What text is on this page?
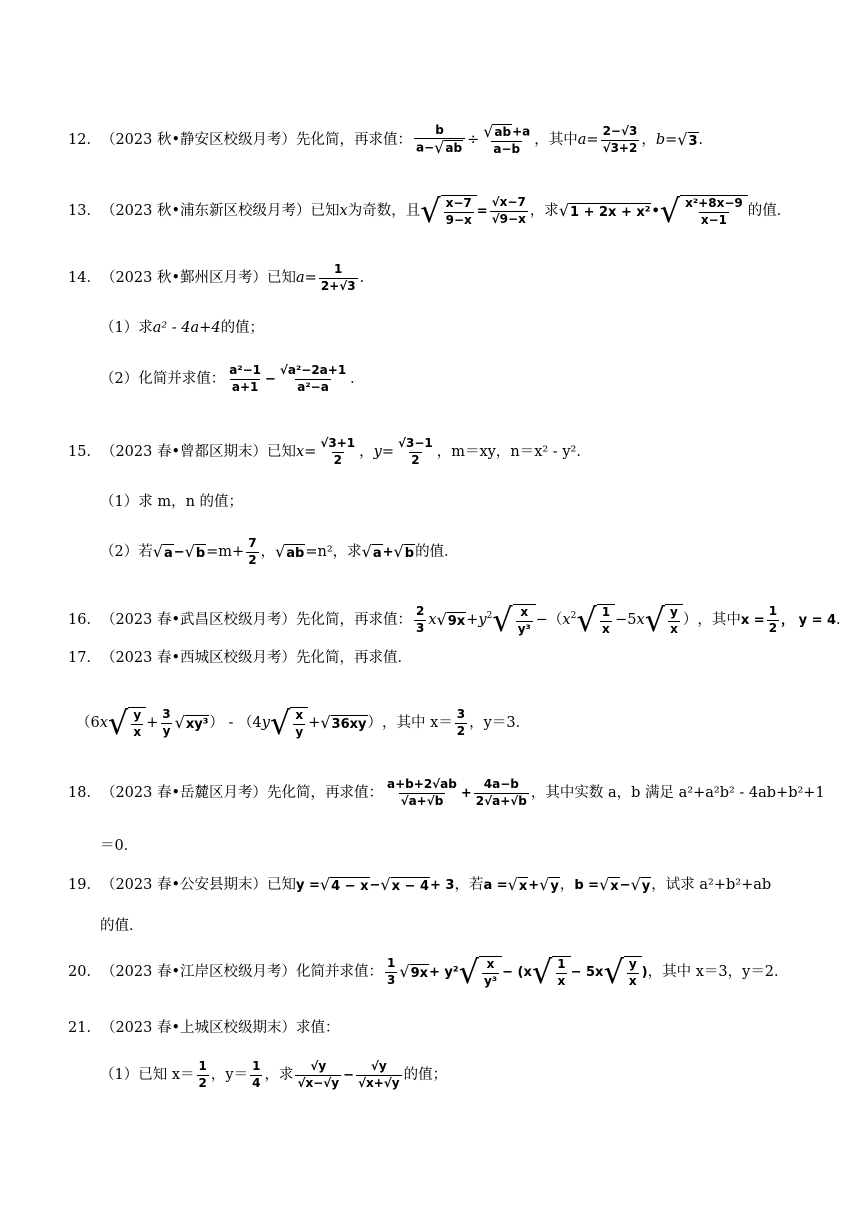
12． （2023 秋•静安区校级月考） 先化简，再求值： $\frac{b}{a- √ ab} \div \frac{√ ab +a}{a-b}$ ，其中 $a = \frac{2-√3}{√3+2}$ ， b = √ 3 ．
13． （2023 秋•浦东新区校级月考） 已知 x 为奇数，且 √ $\frac{x-7}{9-x} = \frac{√x-7}{√9-x}$ ，求 √ 1 + 2x + x² • √ $\frac{\text{x²+8x−9}}{x-1}$ 的值．
14． （2023 秋•鄞州区月考） 已知 $a = \frac{1}{2+√3}$ ．
（1）求 a² - 4a+4 的值；
（2）化简并求值： $\frac{\text{a²−1}}{a+1} - \frac{\text{√a²−2a+1}}{\text{a²−a}}$ ．
15． （2023 春•曾都区期末） 已知 $x = \frac{√3+1}{2}$ ， $y = \frac{√3-1}{2}$ ， m＝xy，n＝x² - y²．
（1）求 m，n 的值；
（2）若 √ a − √ $b =m+ \frac{7}{2}$ ， √ ab =n²，求 √ a + √ b 的值．
16． （2023 春•武昌区校级月考） 先化简，再求值： $\frac{2}{3}$ x √ $9x + y^2$ √ $\frac{x}{\text{y³}}$ −（ $x^2$ √ $\frac{1}{x} -5$ x √ $\frac{y}{x}$ ） ，其中 $x = \frac{1}{2}$ ， y = 4 ．
17． （2023 春•西城区校级月考） 先化简，再求值．
（6 x √ $\frac{y}{x} + \frac{3}{y}$ √ xy³ ） - （4 y √ $\frac{x}{y}$ + √ 36xy ） ，其中 $x= \frac{3}{2}$ ，y＝3．
18． （2023 春•岳麓区月考） 先化简，再求值： $\frac{a+b+2√ab}{√a+√b} + \frac{4a-b}{2√a+√b}$ ，其中实数 a，b 满足 a²+a²b² - 4ab+b²+1
＝0．
19． （2023 春•公安县期末） 已知 y = √ 4 − x − √ x − 4 + 3 ，若 a = √ x + √ y ， b = √ x − √ y ，试求 a²+b²+ab
的值．
20． （2023 春•江岸区校级月考） 化简并求值： $\frac{1}{3}$ √ 9x + y² √ $\frac{x}{\text{y³}} - (x$ √ $\frac{1}{x} - 5x$ √ $\frac{y}{x}$ ) ，其中 x＝3，y＝2．
21． （2023 春•上城区校级期末） 求值：
（1）已知 $x= \frac{1}{2}$ ，$y= \frac{1}{4}$ ，求 $\frac{√y}{√x-√y} - \frac{√y}{√x+√y}$ 的值；
